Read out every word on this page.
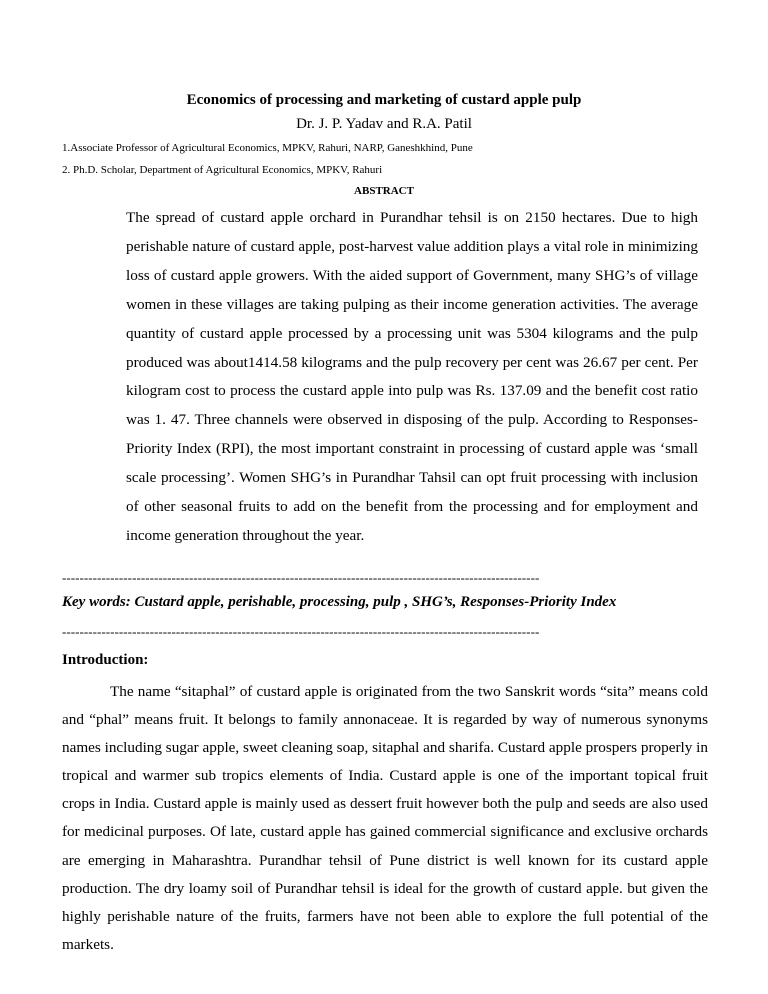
Economics of processing and marketing of custard apple pulp
Dr. J. P. Yadav and R.A. Patil
1.Associate Professor of Agricultural Economics, MPKV, Rahuri, NARP, Ganeshkhind, Pune
2. Ph.D. Scholar, Department of Agricultural Economics, MPKV, Rahuri
ABSTRACT

The spread of custard apple orchard in Purandhar tehsil is on 2150 hectares. Due to high perishable nature of custard apple, post-harvest value addition plays a vital role in minimizing loss of custard apple growers. With the aided support of Government, many SHG’s of village women in these villages are taking pulping as their income generation activities. The average quantity of custard apple processed by a processing unit was 5304 kilograms and the pulp produced was about1414.58 kilograms and the pulp recovery per cent was 26.67 per cent. Per kilogram cost to process the custard apple into pulp was Rs. 137.09 and the benefit cost ratio was 1. 47. Three channels were observed in disposing of the pulp. According to Responses-Priority Index (RPI), the most important constraint in processing of custard apple was ‘small scale processing’. Women SHG’s in Purandhar Tahsil can opt fruit processing with inclusion of other seasonal fruits to add on the benefit from the processing and for employment and income generation throughout the year.

-------------------------------------------------------------------------------------------------------------
Key words: Custard apple, perishable, processing, pulp , SHG’s, Responses-Priority Index
-------------------------------------------------------------------------------------------------------------
Introduction:

The name “sitaphal” of custard apple is originated from the two Sanskrit words “sita” means cold and “phal” means fruit. It belongs to family annonaceae. It is regarded by way of numerous synonyms names including sugar apple, sweet cleaning soap, sitaphal and sharifa. Custard apple prospers properly in tropical and warmer sub tropics elements of India. Custard apple is one of the important topical fruit crops in India. Custard apple is mainly used as dessert fruit however both the pulp and seeds are also used for medicinal purposes. Of late, custard apple has gained commercial significance and exclusive orchards are emerging in Maharashtra. Purandhar tehsil of Pune district is well known for its custard apple production. The dry loamy soil of Purandhar tehsil is ideal for the growth of custard apple. but given the highly perishable nature of the fruits, farmers have not been able to explore the full potential of the markets.
